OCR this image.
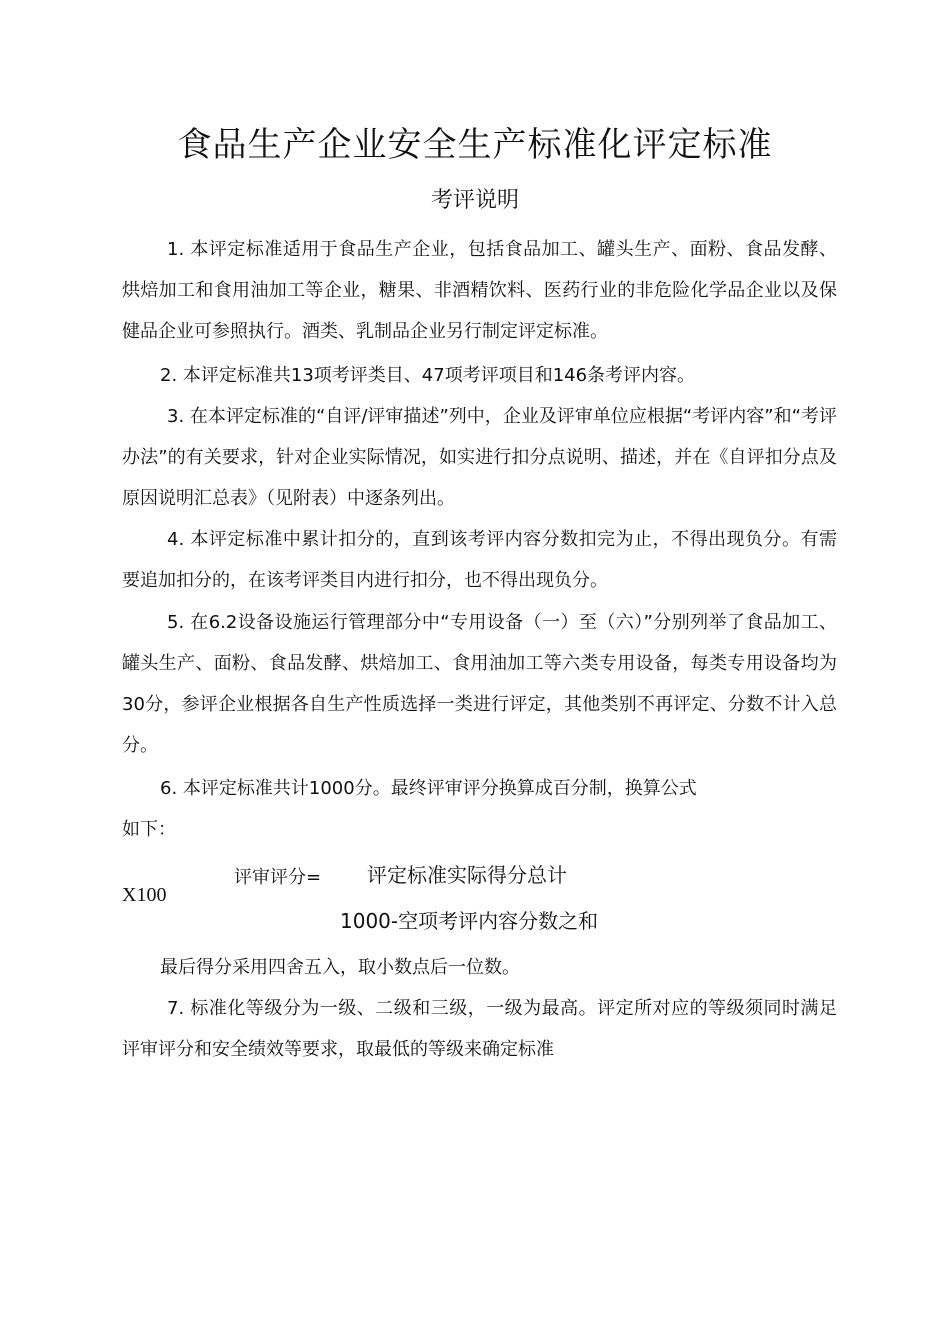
食品生产企业安全生产标准化评定标准
考评说明
1. 本评定标准适用于食品生产企业，包括食品加工、罐头生产、面粉、食品发酵、烘焙加工和食用油加工等企业，糖果、非酒精饮料、医药行业的非危险化学品企业以及保健品企业可参照执行。酒类、乳制品企业另行制定评定标准。
2. 本评定标准共13项考评类目、47项考评项目和146条考评内容。
3. 在本评定标准的“自评/评审描述”列中，企业及评审单位应根据“考评内容”和“考评办法”的有关要求，针对企业实际情况，如实进行扣分点说明、描述，并在《自评扣分点及原因说明汇总表》（见附表）中逐条列出。
4. 本评定标准中累计扣分的，直到该考评内容分数扣完为止，不得出现负分。有需要追加扣分的，在该考评类目内进行扣分，也不得出现负分。
5. 在6.2设备设施运行管理部分中“专用设备（一）至（六）”分别列举了食品加工、罐头生产、面粉、食品发酵、烘焙加工、食用油加工等六类专用设备，每类专用设备均为30分，参评企业根据各自生产性质选择一类进行评定，其他类别不再评定、分数不计入总分。
6. 本评定标准共计1000分。最终评审评分换算成百分制，换算公式
如下：
X100
评审评分= 评定标准实际得分总计
1000-空项考评内容分数之和
最后得分采用四舍五入，取小数点后一位数。
7. 标准化等级分为一级、二级和三级，一级为最高。评定所对应的等级须同时满足评审评分和安全绩效等要求，取最低的等级来确定标准
